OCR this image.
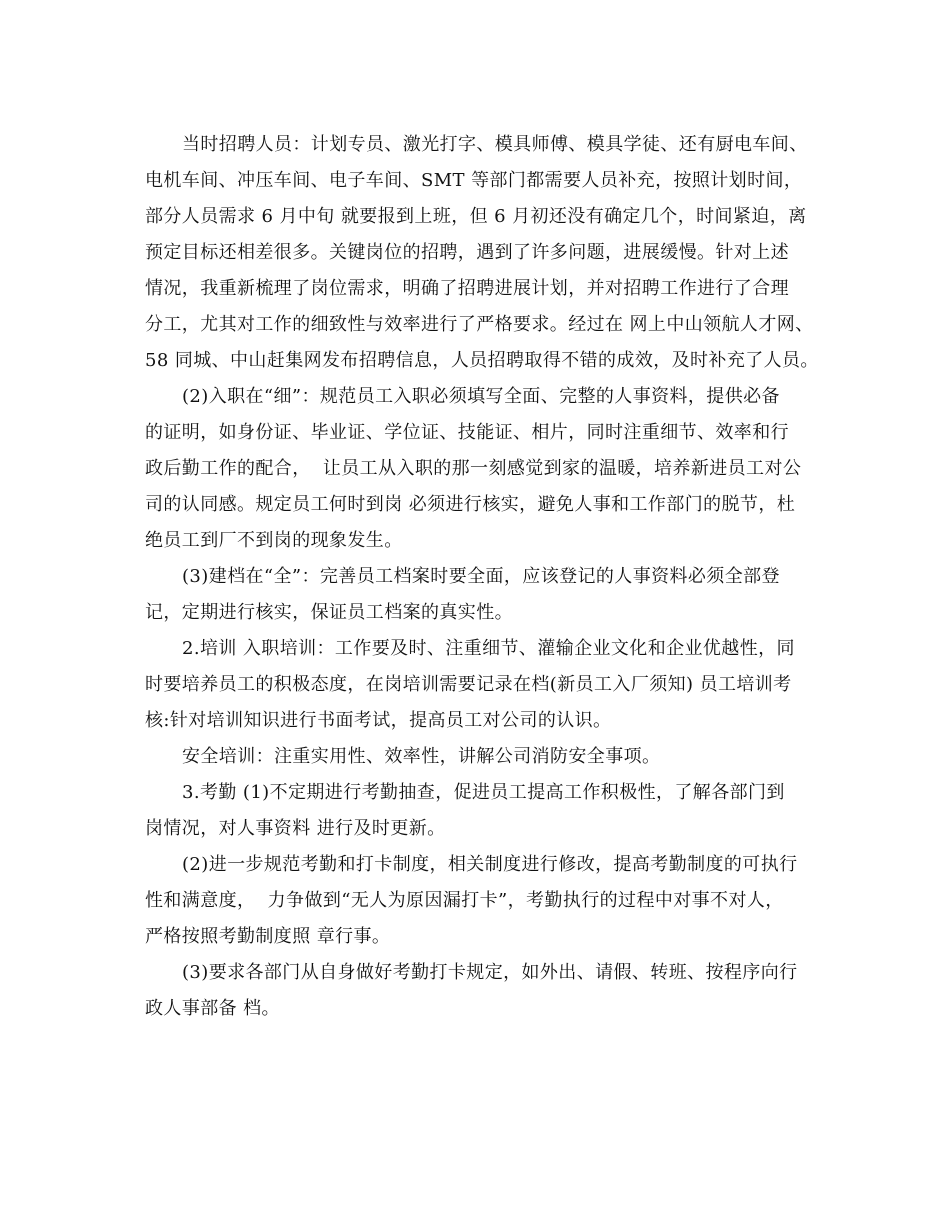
当时招聘人员：计划专员、激光打字、模具师傅、模具学徒、还有厨电车间、
电机车间、冲压车间、电子车间、SMT 等部门都需要人员补充，按照计划时间，
部分人员需求 6 月中旬 就要报到上班，但 6 月初还没有确定几个，时间紧迫，离
预定目标还相差很多。关键岗位的招聘，遇到了许多问题，进展缓慢。针对上述
情况，我重新梳理了岗位需求，明确了招聘进展计划，并对招聘工作进行了合理
分工，尤其对工作的细致性与效率进行了严格要求。经过在 网上中山领航人才网、
58 同城、中山赶集网发布招聘信息，人员招聘取得不错的成效，及时补充了人员。
(2)入职在“细”：规范员工入职必须填写全面、完整的人事资料，提供必备
的证明，如身份证、毕业证、学位证、技能证、相片，同时注重细节、效率和行
政后勤工作的配合，  让员工从入职的那一刻感觉到家的温暖，培养新进员工对公
司的认同感。规定员工何时到岗 必须进行核实，避免人事和工作部门的脱节，杜
绝员工到厂不到岗的现象发生。
(3)建档在“全”：完善员工档案时要全面，应该登记的人事资料必须全部登
记，定期进行核实，保证员工档案的真实性。
2.培训 入职培训：工作要及时、注重细节、灌输企业文化和企业优越性，同
时要培养员工的积极态度，在岗培训需要记录在档(新员工入厂须知) 员工培训考
核:针对培训知识进行书面考试，提高员工对公司的认识。
安全培训：注重实用性、效率性，讲解公司消防安全事项。
3.考勤 (1)不定期进行考勤抽查，促进员工提高工作积极性，了解各部门到
岗情况，对人事资料 进行及时更新。
(2)进一步规范考勤和打卡制度，相关制度进行修改，提高考勤制度的可执行
性和满意度，  力争做到“无人为原因漏打卡”，考勤执行的过程中对事不对人，
严格按照考勤制度照 章行事。
(3)要求各部门从自身做好考勤打卡规定，如外出、请假、转班、按程序向行
政人事部备 档。
